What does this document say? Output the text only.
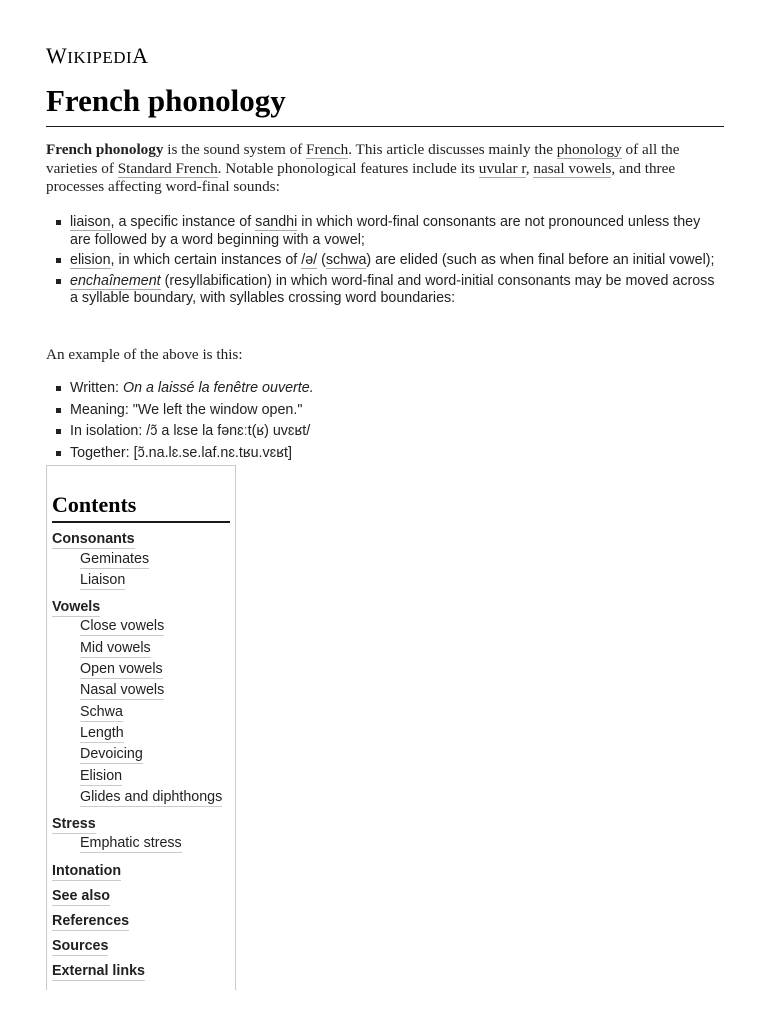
WIKIPEDIA
French phonology

French phonology is the sound system of French. This article discusses mainly the phonology of all the varieties of Standard French. Notable phonological features include its uvular r, nasal vowels, and three processes affecting word-final sounds:

liaison, a specific instance of sandhi in which word-final consonants are not pronounced unless they are followed by a word beginning with a vowel;
elision, in which certain instances of /ə/ (schwa) are elided (such as when final before an initial vowel);
enchaînement (resyllabification) in which word-final and word-initial consonants may be moved across a syllable boundary, with syllables crossing word boundaries:

An example of the above is this:

Written: On a laissé la fenêtre ouverte.
Meaning: "We left the window open."
In isolation: /ɔ̃ a lɛse la fənɛːt(ʁ) uvɛʁt/
Together: [ɔ̃.na.lɛ.se.laf.nɛ.tʁu.vɛʁt]
Contents
Consonants
Geminates
Liaison
Vowels
Close vowels
Mid vowels
Open vowels
Nasal vowels
Schwa
Length
Devoicing
Elision
Glides and diphthongs
Stress
Emphatic stress
Intonation
See also
References
Sources
External links
